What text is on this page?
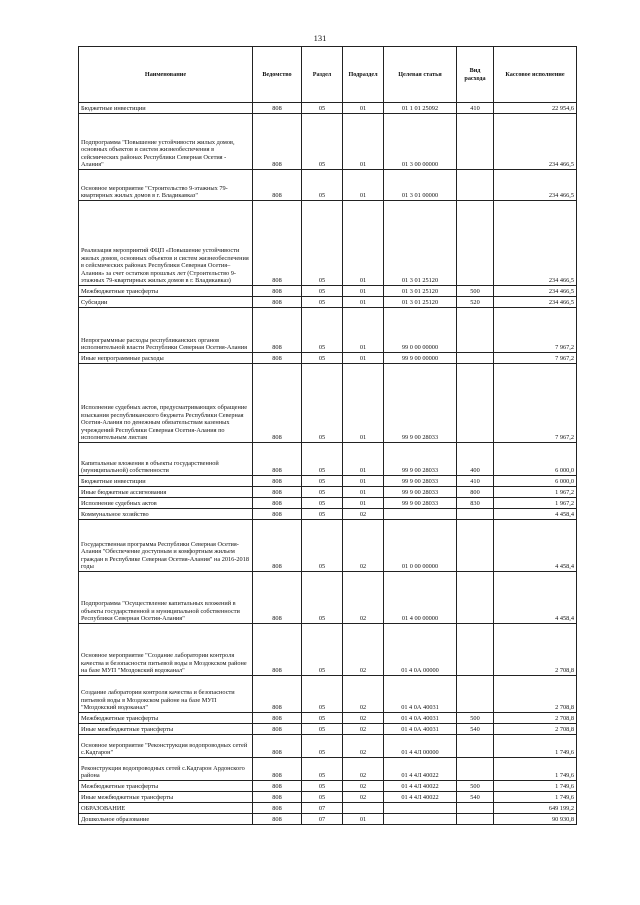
131
Наименование	Ведомство	Раздел	Подраздел	Целевая статья	Вид расхода	Кассовое исполнение
Бюджетные инвестиции	808	05	01	01 1 01 25092	410	22 954,6
Подпрограмма "Повышение устойчивости жилых домов, основных объектов и систем жизнеобеспечения в сейсмических районах Республики Северная Осетия - Алания"	808	05	01	01 3 00 00000		234 466,5
Основное мероприятие "Строительство 9-этажных 79-квартирных жилых домов в г. Владикавказ"	808	05	01	01 3 01 00000		234 466,5
Реализация мероприятий ФЦП «Повышение устойчивости жилых домов, основных объектов и систем жизнеобеспечения в сейсмических районах Республики Северная Осетия–Алания» за счет остатков прошлых лет (Строительство 9-этажных 79-квартирных жилых домов в г. Владикавказ)	808	05	01	01 3 01 25120		234 466,5
Межбюджетные трансферты	808	05	01	01 3 01 25120	500	234 466,5
Субсидии	808	05	01	01 3 01 25120	520	234 466,5
Непрограммные расходы республиканских органов исполнительной власти Республики Северная Осетия-Алания	808	05	01	99 0 00 00000		7 967,2
Иные непрограммные расходы	808	05	01	99 9 00 00000		7 967,2
Исполнение судебных актов, предусматривающих обращение взыскания республиканского бюджета Республики Северная Осетия-Алания по денежным обязательствам казенных учреждений Республики Северная Осетия-Алания по исполнительным листам	808	05	01	99 9 00 28033		7 967,2
Капитальные вложения в объекты государственной (муниципальной) собственности	808	05	01	99 9 00 28033	400	6 000,0
Бюджетные инвестиции	808	05	01	99 9 00 28033	410	6 000,0
Иные бюджетные ассигнования	808	05	01	99 9 00 28033	800	1 967,2
Исполнение судебных актов	808	05	01	99 9 00 28033	830	1 967,2
Коммунальное хозяйство	808	05	02			4 458,4
Государственная программа Республики Северная Осетия-Алания "Обеспечение доступным и комфортным жильем граждан в Республике Северная Осетия-Алания" на 2016-2018 годы	808	05	02	01 0 00 00000		4 458,4
Подпрограмма "Осуществление капитальных вложений в объекты государственной и муниципальной собственности Республики Северная Осетия-Алания"	808	05	02	01 4 00 00000		4 458,4
Основное мероприятие "Создание лаборатории контроля качества и безопасности питьевой воды в Моздокском районе на базе МУП "Моздокский водоканал"	808	05	02	01 4 0А 00000		2 708,8
Создание лаборатории контроля качества и безопасности питьевой воды в Моздокском районе на базе МУП "Моздокский водоканал"	808	05	02	01 4 0А 40031		2 708,8
Межбюджетные трансферты	808	05	02	01 4 0А 40031	500	2 708,8
Иные межбюджетные трансферты	808	05	02	01 4 0А 40031	540	2 708,8
Основное мероприятие "Реконструкция водопроводных сетей с.Кадгарон"	808	05	02	01 4 4Л 00000		1 749,6
Реконструкция водопроводных сетей с.Кадгарон Ардонского района	808	05	02	01 4 4Л 40022		1 749,6
Межбюджетные трансферты	808	05	02	01 4 4Л 40022	500	1 749,6
Иные межбюджетные трансферты	808	05	02	01 4 4Л 40022	540	1 749,6
ОБРАЗОВАНИЕ	808	07				649 199,2
Дошкольное образование	808	07	01			90 930,8
